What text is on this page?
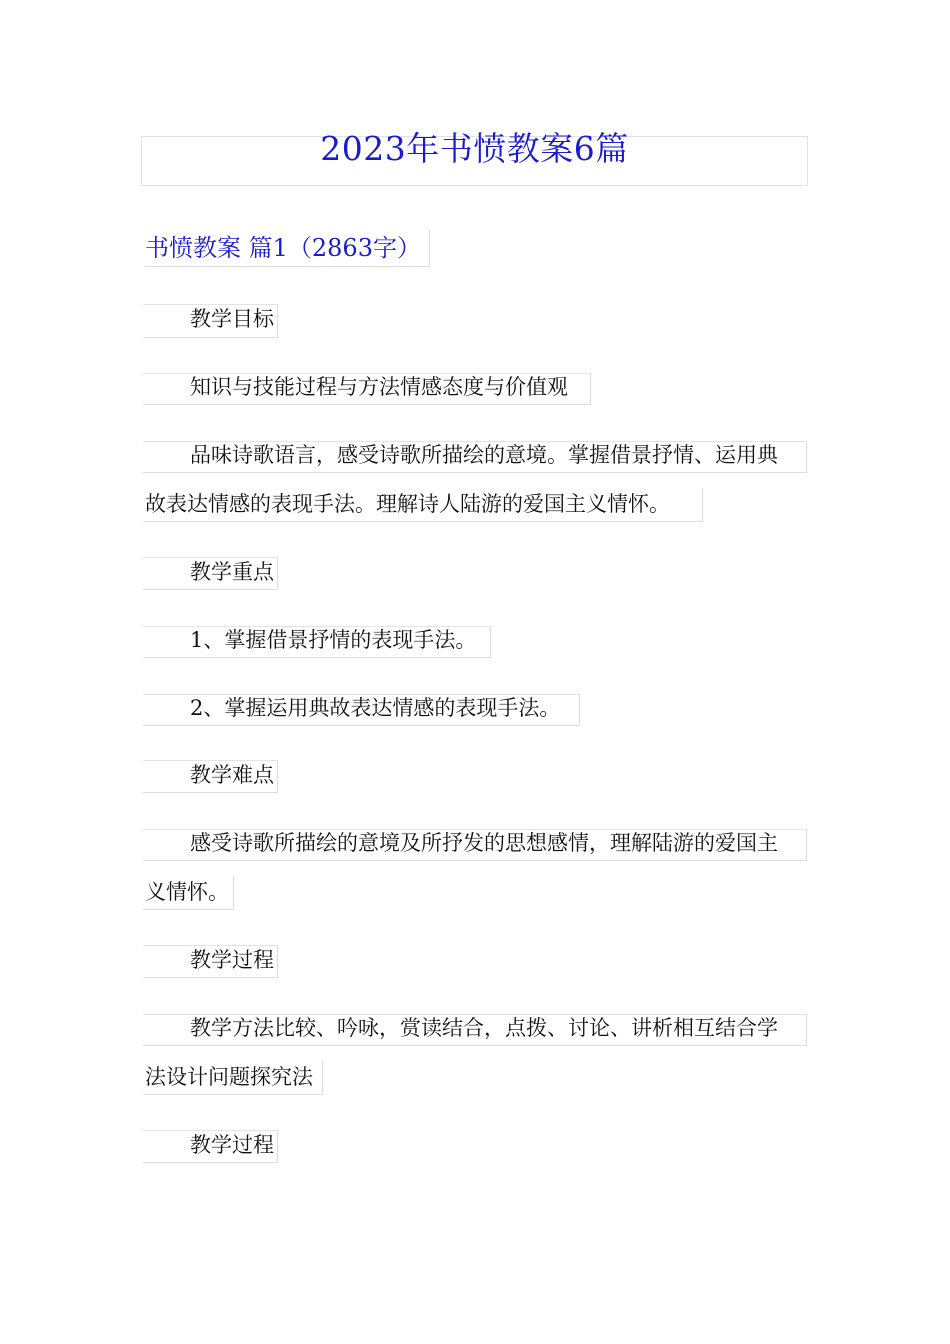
2023年书愤教案6篇
书愤教案 篇1（2863字）
教学目标
知识与技能过程与方法情感态度与价值观
品味诗歌语言，感受诗歌所描绘的意境。掌握借景抒情、运用典
故表达情感的表现手法。理解诗人陆游的爱国主义情怀。
教学重点
1、掌握借景抒情的表现手法。
2、掌握运用典故表达情感的表现手法。
教学难点
感受诗歌所描绘的意境及所抒发的思想感情，理解陆游的爱国主
义情怀。
教学过程
教学方法比较、吟咏，赏读结合，点拨、讨论、讲析相互结合学
法设计问题探究法
教学过程
